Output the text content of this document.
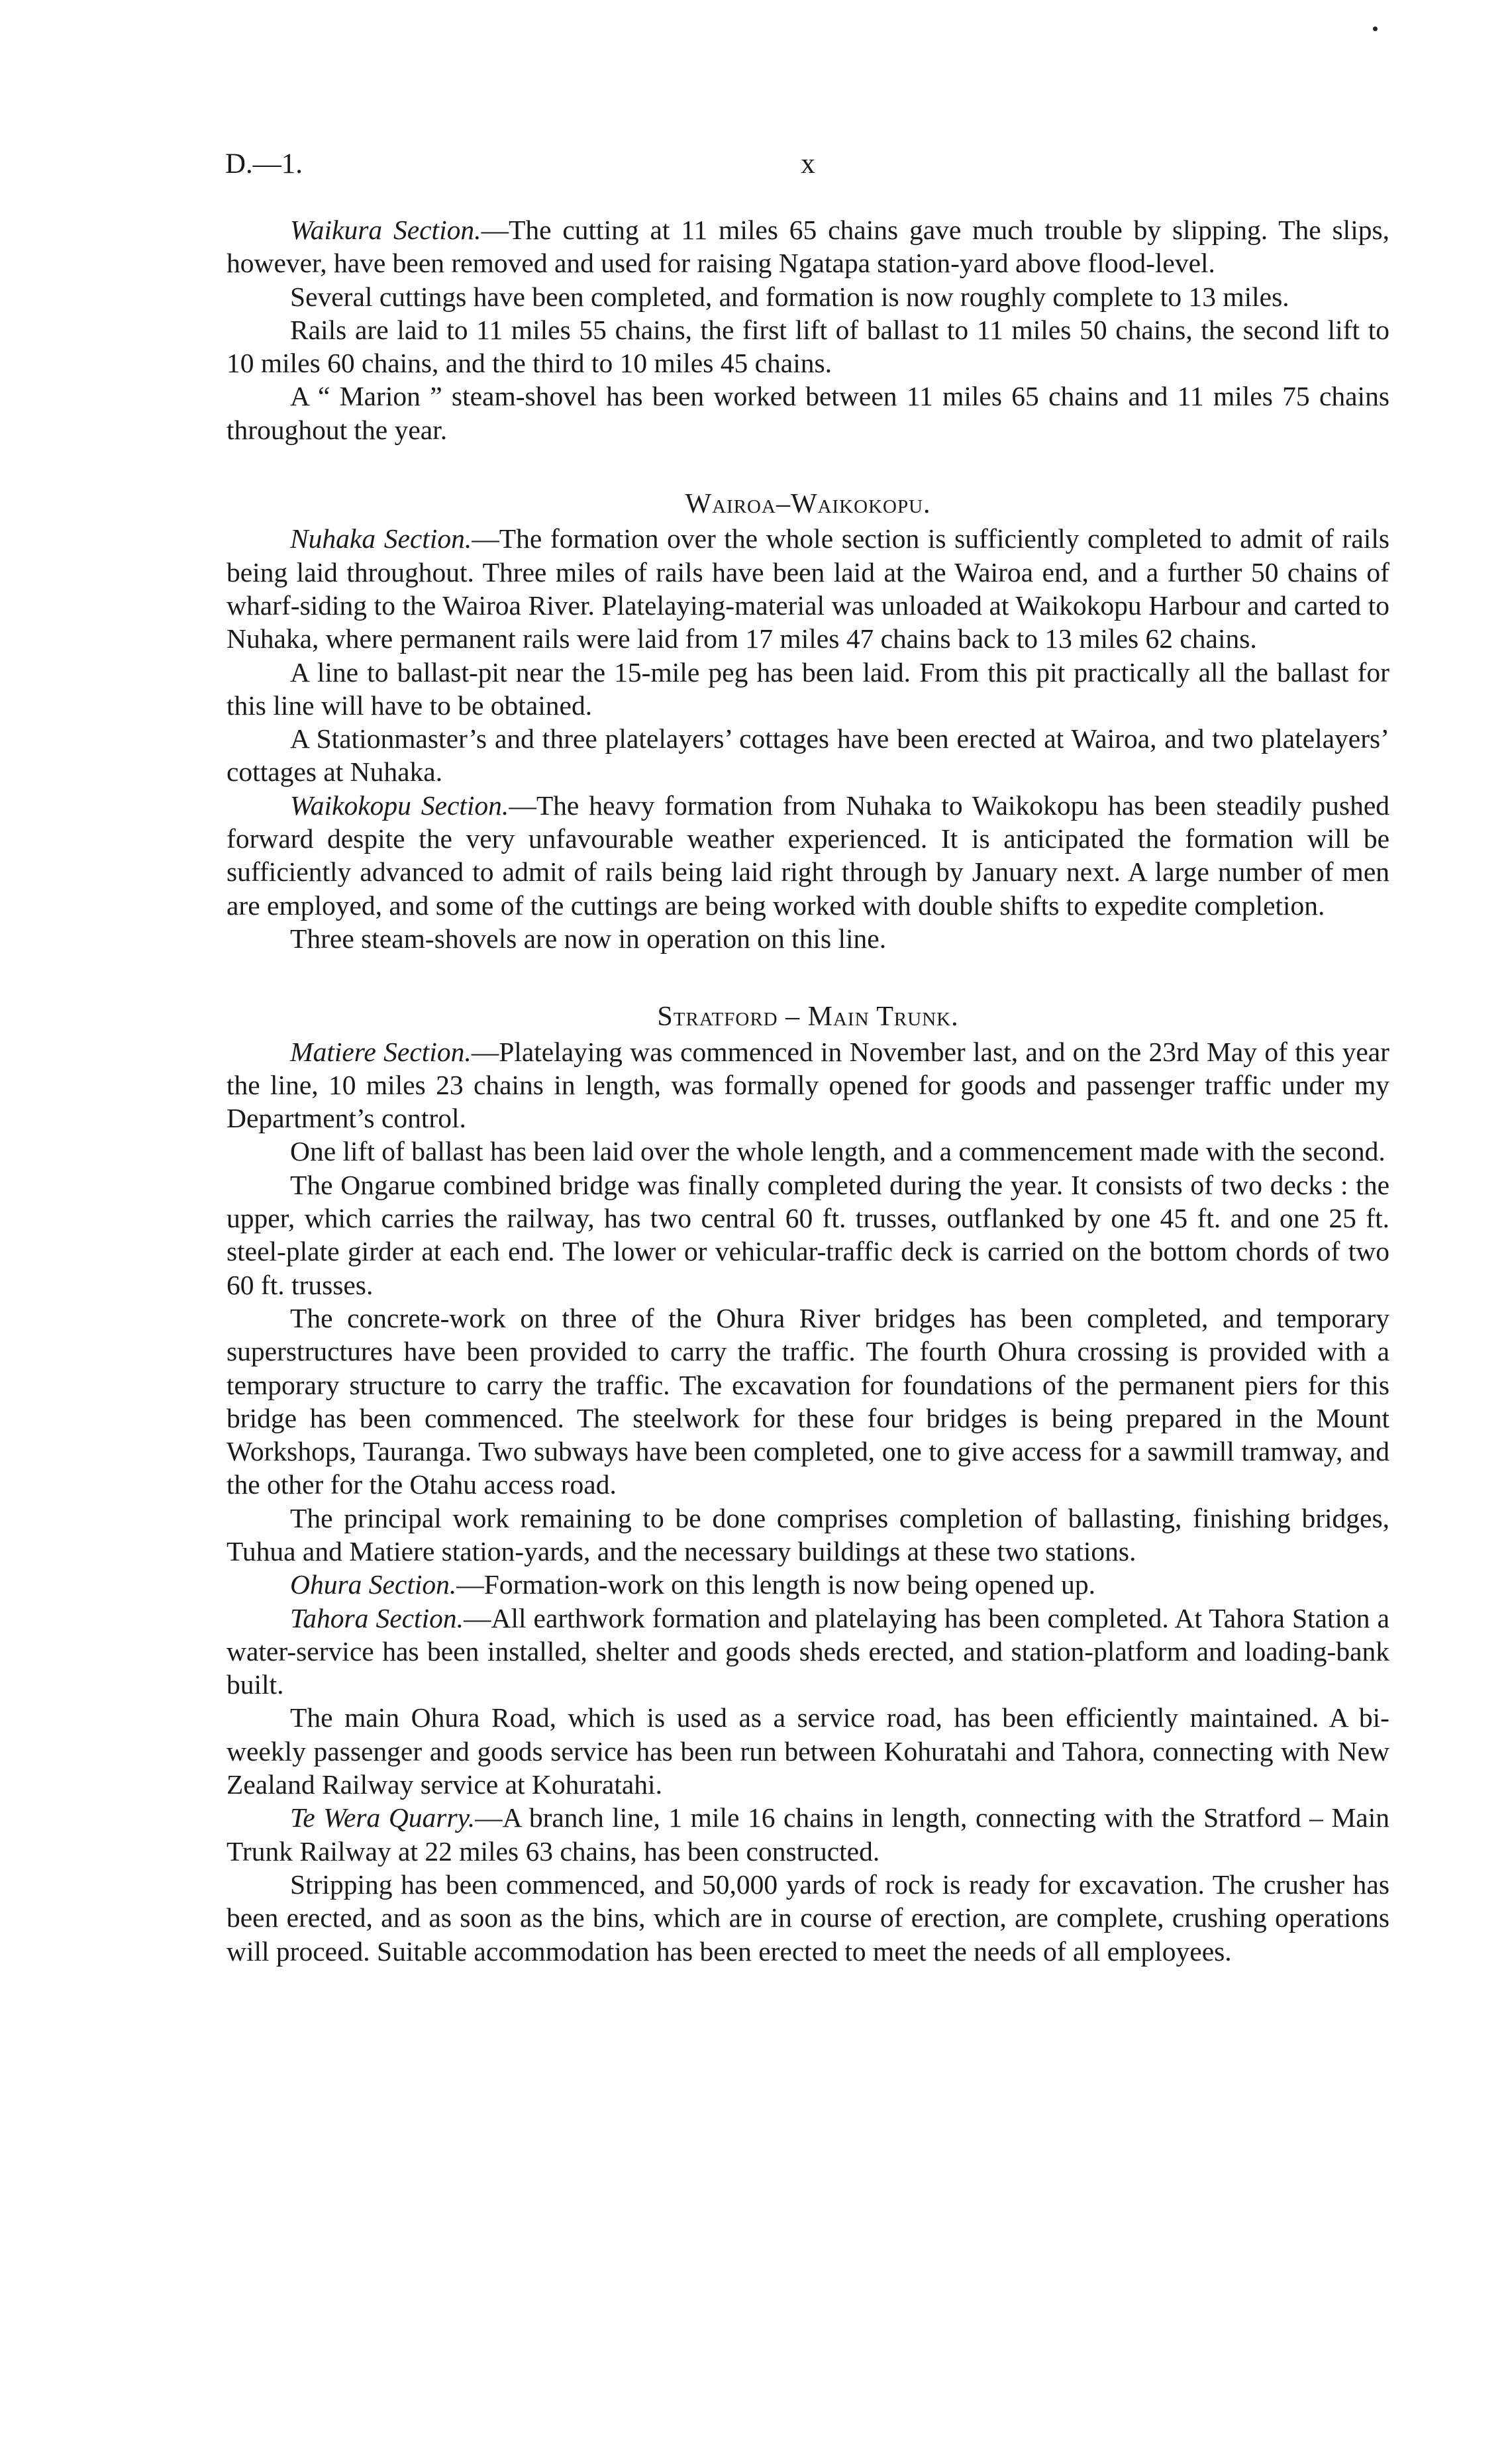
D.—1.	x

Waikura Section.—The cutting at 11 miles 65 chains gave much trouble by slipping. The slips, however, have been removed and used for raising Ngatapa station-yard above flood-level.

Several cuttings have been completed, and formation is now roughly complete to 13 miles.

Rails are laid to 11 miles 55 chains, the first lift of ballast to 11 miles 50 chains, the second lift to 10 miles 60 chains, and the third to 10 miles 45 chains.

A “ Marion ” steam-shovel has been worked between 11 miles 65 chains and 11 miles 75 chains throughout the year.

Wairoa–Waikokopu.

Nuhaka Section.—The formation over the whole section is sufficiently completed to admit of rails being laid throughout. Three miles of rails have been laid at the Wairoa end, and a further 50 chains of wharf-siding to the Wairoa River. Platelaying-material was unloaded at Waikokopu Harbour and carted to Nuhaka, where permanent rails were laid from 17 miles 47 chains back to 13 miles 62 chains.

A line to ballast-pit near the 15-mile peg has been laid. From this pit practically all the ballast for this line will have to be obtained.

A Stationmaster’s and three platelayers’ cottages have been erected at Wairoa, and two platelayers’ cottages at Nuhaka.

Waikokopu Section.—The heavy formation from Nuhaka to Waikokopu has been steadily pushed forward despite the very unfavourable weather experienced. It is anticipated the formation will be sufficiently advanced to admit of rails being laid right through by January next. A large number of men are employed, and some of the cuttings are being worked with double shifts to expedite completion.

Three steam-shovels are now in operation on this line.

Stratford – Main Trunk.

Matiere Section.—Platelaying was commenced in November last, and on the 23rd May of this year the line, 10 miles 23 chains in length, was formally opened for goods and passenger traffic under my Department’s control.

One lift of ballast has been laid over the whole length, and a commencement made with the second.

The Ongarue combined bridge was finally completed during the year. It consists of two decks : the upper, which carries the railway, has two central 60 ft. trusses, outflanked by one 45 ft. and one 25 ft. steel-plate girder at each end. The lower or vehicular-traffic deck is carried on the bottom chords of two 60 ft. trusses.

The concrete-work on three of the Ohura River bridges has been completed, and temporary superstructures have been provided to carry the traffic. The fourth Ohura crossing is provided with a temporary structure to carry the traffic. The excavation for foundations of the permanent piers for this bridge has been commenced. The steelwork for these four bridges is being prepared in the Mount Workshops, Tauranga. Two subways have been completed, one to give access for a sawmill tramway, and the other for the Otahu access road.

The principal work remaining to be done comprises completion of ballasting, finishing bridges, Tuhua and Matiere station-yards, and the necessary buildings at these two stations.

Ohura Section.—Formation-work on this length is now being opened up.

Tahora Section.—All earthwork formation and platelaying has been completed. At Tahora Station a water-service has been installed, shelter and goods sheds erected, and station-platform and loading-bank built.

The main Ohura Road, which is used as a service road, has been efficiently maintained. A bi-weekly passenger and goods service has been run between Kohuratahi and Tahora, connecting with New Zealand Railway service at Kohuratahi.

Te Wera Quarry.—A branch line, 1 mile 16 chains in length, connecting with the Stratford – Main Trunk Railway at 22 miles 63 chains, has been constructed.

Stripping has been commenced, and 50,000 yards of rock is ready for excavation. The crusher has been erected, and as soon as the bins, which are in course of erection, are complete, crushing operations will proceed. Suitable accommodation has been erected to meet the needs of all employees.
